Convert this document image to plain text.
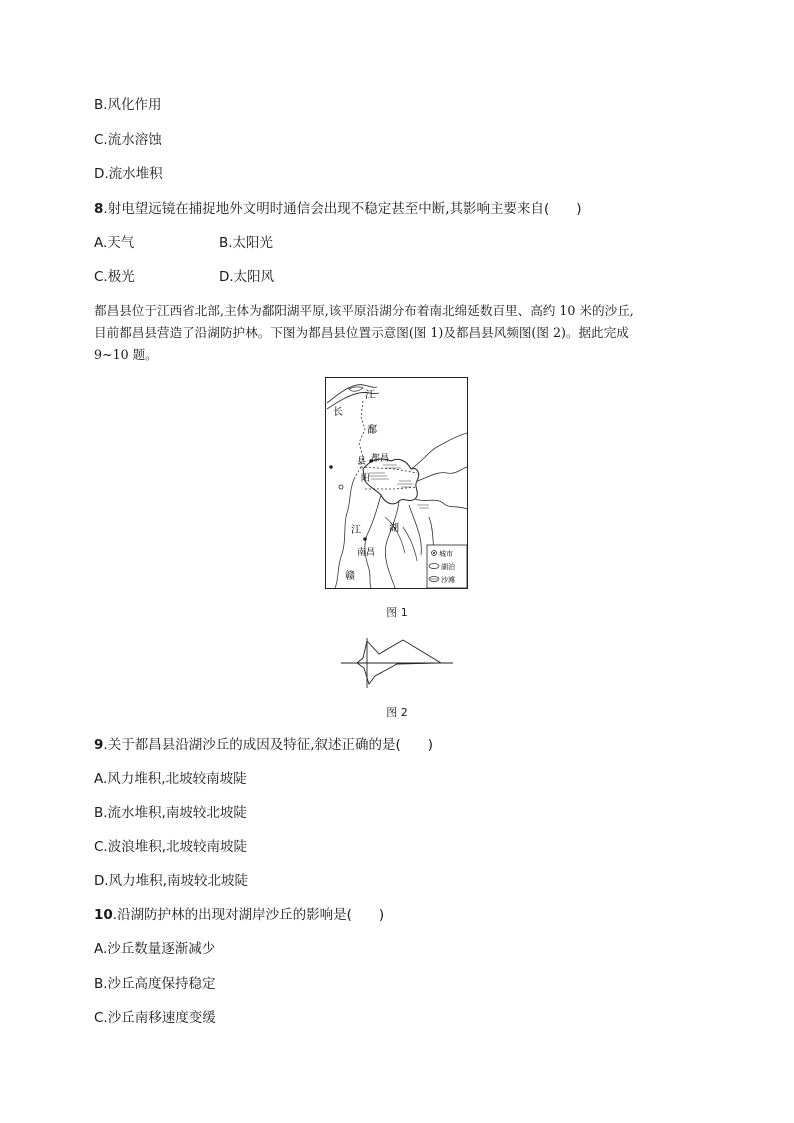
B.风化作用
C.流水溶蚀
D.流水堆积
8.射电望远镜在捕捉地外文明时通信会出现不稳定甚至中断,其影响主要来自(　　)
A.天气	B.太阳光
C.极光	D.太阳风
都昌县位于江西省北部,主体为鄱阳湖平原,该平原沿湖分布着南北绵延数百里、高约 10 米的沙丘,
目前都昌县营造了沿湖防护林。下图为都昌县位置示意图(图 1)及都昌县风频图(图 2)。据此完成
9~10 题。
江
长
鄱
县 都昌
阳
江	湖
南昌
赣
城市
湖泊
沙滩
图 1
图 2
9.关于都昌县沿湖沙丘的成因及特征,叙述正确的是(　　)
A.风力堆积,北坡较南坡陡
B.流水堆积,南坡较北坡陡
C.波浪堆积,北坡较南坡陡
D.风力堆积,南坡较北坡陡
10.沿湖防护林的出现对湖岸沙丘的影响是(　　)
A.沙丘数量逐渐减少
B.沙丘高度保持稳定
C.沙丘南移速度变缓
